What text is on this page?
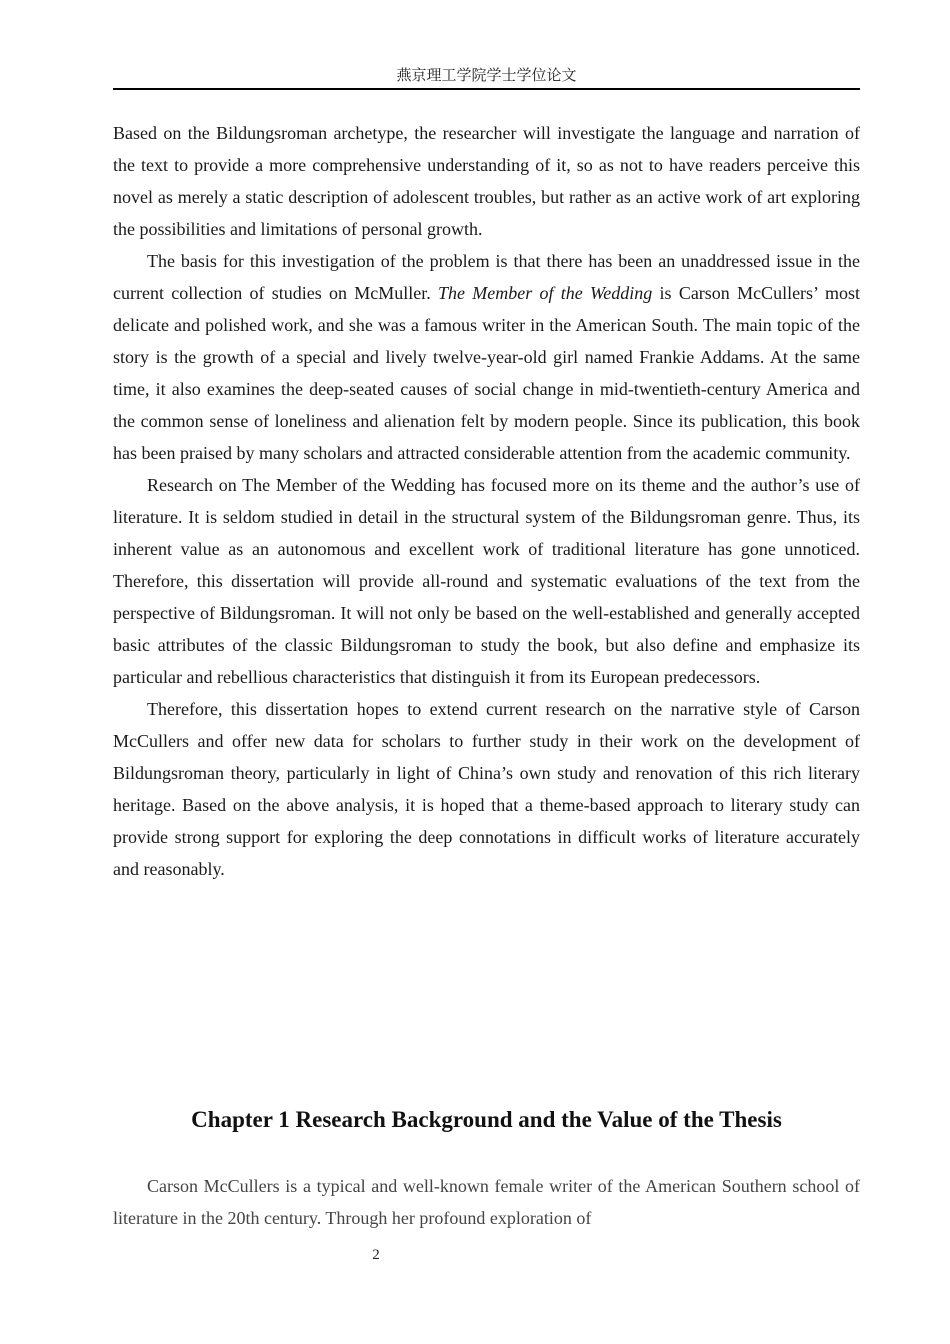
燕京理工学院学士学位论文

Based on the Bildungsroman archetype, the researcher will investigate the language and narration of the text to provide a more comprehensive understanding of it, so as not to have readers perceive this novel as merely a static description of adolescent troubles, but rather as an active work of art exploring the possibilities and limitations of personal growth.

The basis for this investigation of the problem is that there has been an unaddressed issue in the current collection of studies on McMuller. The Member of the Wedding is Carson McCullers’ most delicate and polished work, and she was a famous writer in the American South. The main topic of the story is the growth of a special and lively twelve-year-old girl named Frankie Addams. At the same time, it also examines the deep-seated causes of social change in mid-twentieth-century America and the common sense of loneliness and alienation felt by modern people. Since its publication, this book has been praised by many scholars and attracted considerable attention from the academic community.

Research on The Member of the Wedding has focused more on its theme and the author’s use of literature. It is seldom studied in detail in the structural system of the Bildungsroman genre. Thus, its inherent value as an autonomous and excellent work of traditional literature has gone unnoticed. Therefore, this dissertation will provide all-round and systematic evaluations of the text from the perspective of Bildungsroman. It will not only be based on the well-established and generally accepted basic attributes of the classic Bildungsroman to study the book, but also define and emphasize its particular and rebellious characteristics that distinguish it from its European predecessors.

Therefore, this dissertation hopes to extend current research on the narrative style of Carson McCullers and offer new data for scholars to further study in their work on the development of Bildungsroman theory, particularly in light of China’s own study and renovation of this rich literary heritage. Based on the above analysis, it is hoped that a theme-based approach to literary study can provide strong support for exploring the deep connotations in difficult works of literature accurately and reasonably.

Chapter 1 Research Background and the Value of the Thesis

Carson McCullers is a typical and well-known female writer of the American Southern school of literature in the 20th century. Through her profound exploration of

2
